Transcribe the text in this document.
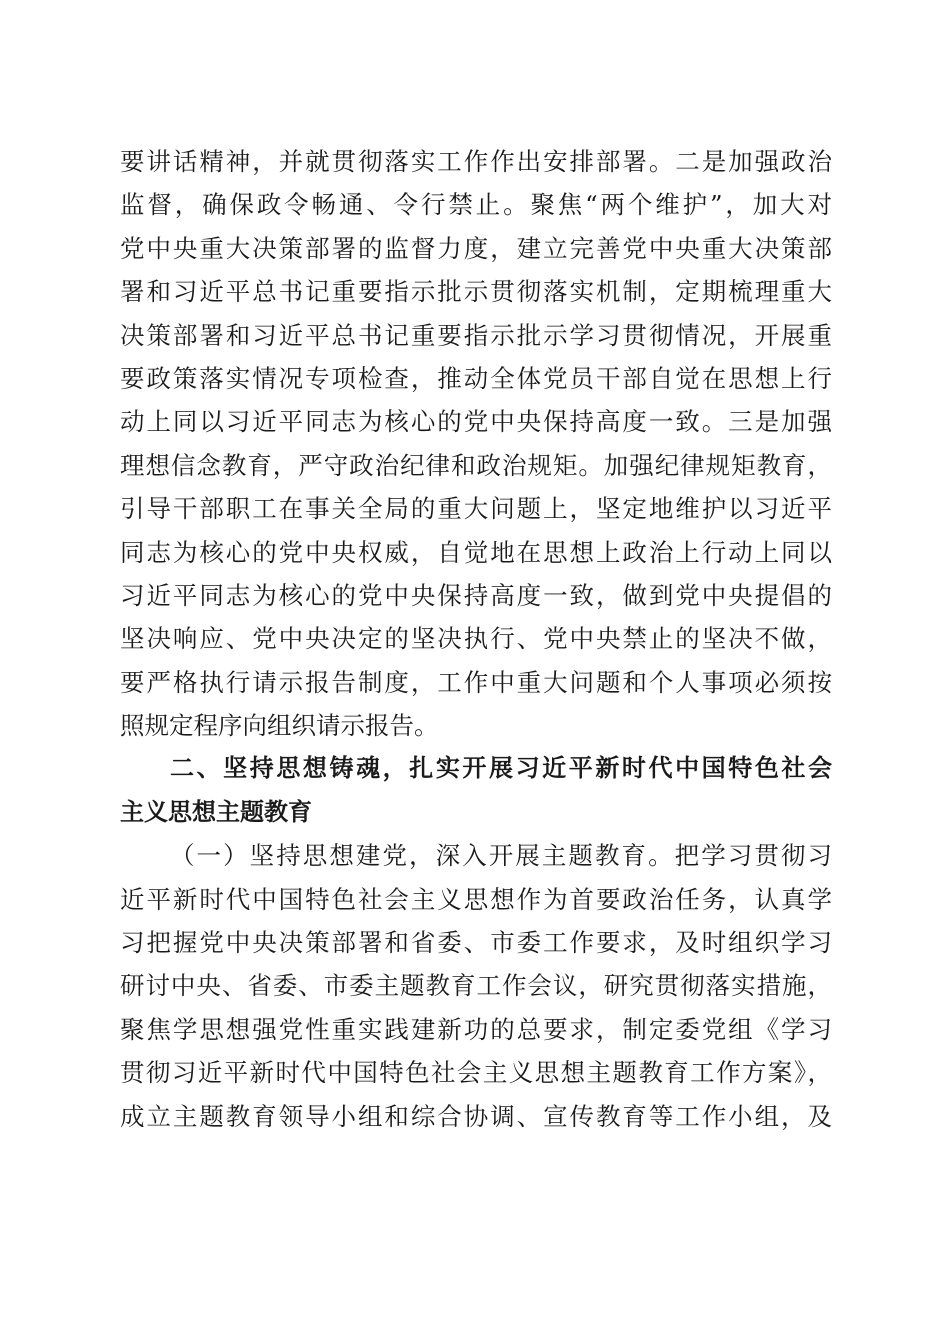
要讲话精神，并就贯彻落实工作作出安排部署。二是加强政治
监督，确保政令畅通、令行禁止。聚焦“两个维护”，加大对
党中央重大决策部署的监督力度，建立完善党中央重大决策部
署和习近平总书记重要指示批示贯彻落实机制，定期梳理重大
决策部署和习近平总书记重要指示批示学习贯彻情况，开展重
要政策落实情况专项检查，推动全体党员干部自觉在思想上行
动上同以习近平同志为核心的党中央保持高度一致。三是加强
理想信念教育，严守政治纪律和政治规矩。加强纪律规矩教育，
引导干部职工在事关全局的重大问题上，坚定地维护以习近平
同志为核心的党中央权威，自觉地在思想上政治上行动上同以
习近平同志为核心的党中央保持高度一致，做到党中央提倡的
坚决响应、党中央决定的坚决执行、党中央禁止的坚决不做，
要严格执行请示报告制度，工作中重大问题和个人事项必须按
照规定程序向组织请示报告。
二、坚持思想铸魂，扎实开展习近平新时代中国特色社会
主义思想主题教育
（一）坚持思想建党，深入开展主题教育。把学习贯彻习
近平新时代中国特色社会主义思想作为首要政治任务，认真学
习把握党中央决策部署和省委、市委工作要求，及时组织学习
研讨中央、省委、市委主题教育工作会议，研究贯彻落实措施，
聚焦学思想强党性重实践建新功的总要求，制定委党组《学习
贯彻习近平新时代中国特色社会主义思想主题教育工作方案》，
成立主题教育领导小组和综合协调、宣传教育等工作小组，及
